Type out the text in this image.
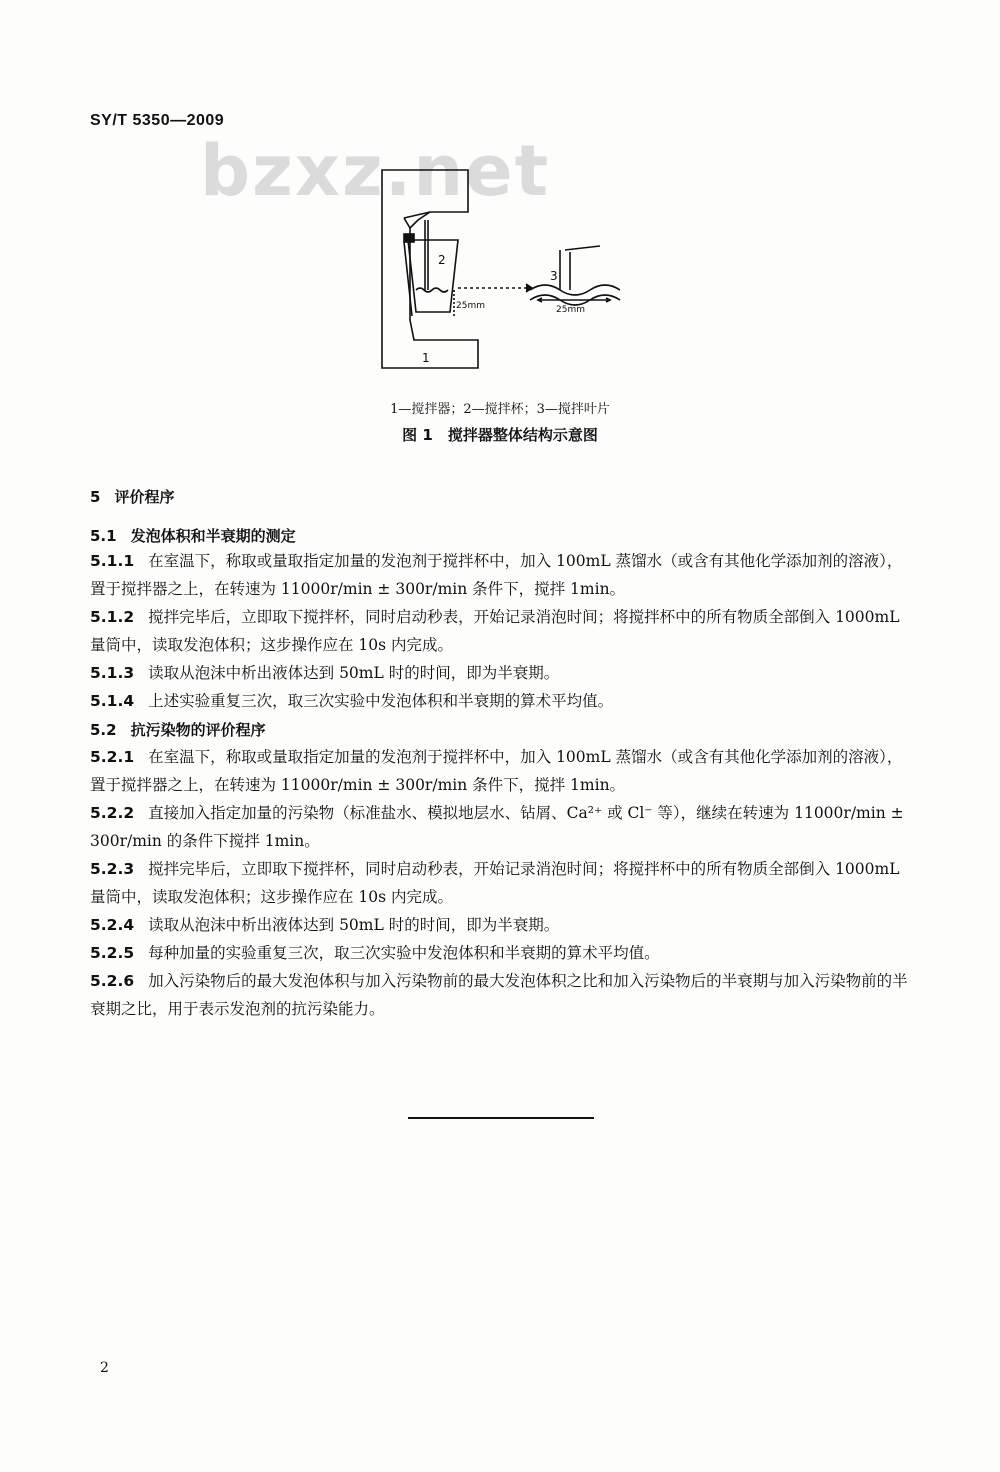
SY/T 5350—2009
bzxz.net
1
2
3
25mm	25mm
1—搅拌器；2—搅拌杯；3—搅拌叶片
图 1　搅拌器整体结构示意图
5 评价程序
5.1 发泡体积和半衰期的测定
5.1.1 在室温下，称取或量取指定加量的发泡剂于搅拌杯中，加入 100mL 蒸馏水（或含有其他化学添加剂的溶液），置于搅拌器之上，在转速为 11000r/min ± 300r/min 条件下，搅拌 1min。
5.1.2 搅拌完毕后，立即取下搅拌杯，同时启动秒表，开始记录消泡时间；将搅拌杯中的所有物质全部倒入 1000mL 量筒中，读取发泡体积；这步操作应在 10s 内完成。
5.1.3 读取从泡沫中析出液体达到 50mL 时的时间，即为半衰期。
5.1.4 上述实验重复三次，取三次实验中发泡体积和半衰期的算术平均值。
5.2 抗污染物的评价程序
5.2.1 在室温下，称取或量取指定加量的发泡剂于搅拌杯中，加入 100mL 蒸馏水（或含有其他化学添加剂的溶液），置于搅拌器之上，在转速为 11000r/min ± 300r/min 条件下，搅拌 1min。
5.2.2 直接加入指定加量的污染物（标准盐水、模拟地层水、钻屑、Ca²⁺ 或 Cl⁻ 等），继续在转速为 11000r/min ± 300r/min 的条件下搅拌 1min。
5.2.3 搅拌完毕后，立即取下搅拌杯，同时启动秒表，开始记录消泡时间；将搅拌杯中的所有物质全部倒入 1000mL 量筒中，读取发泡体积；这步操作应在 10s 内完成。
5.2.4 读取从泡沫中析出液体达到 50mL 时的时间，即为半衰期。
5.2.5 每种加量的实验重复三次，取三次实验中发泡体积和半衰期的算术平均值。
5.2.6 加入污染物后的最大发泡体积与加入污染物前的最大发泡体积之比和加入污染物后的半衰期与加入污染物前的半衰期之比，用于表示发泡剂的抗污染能力。
2
